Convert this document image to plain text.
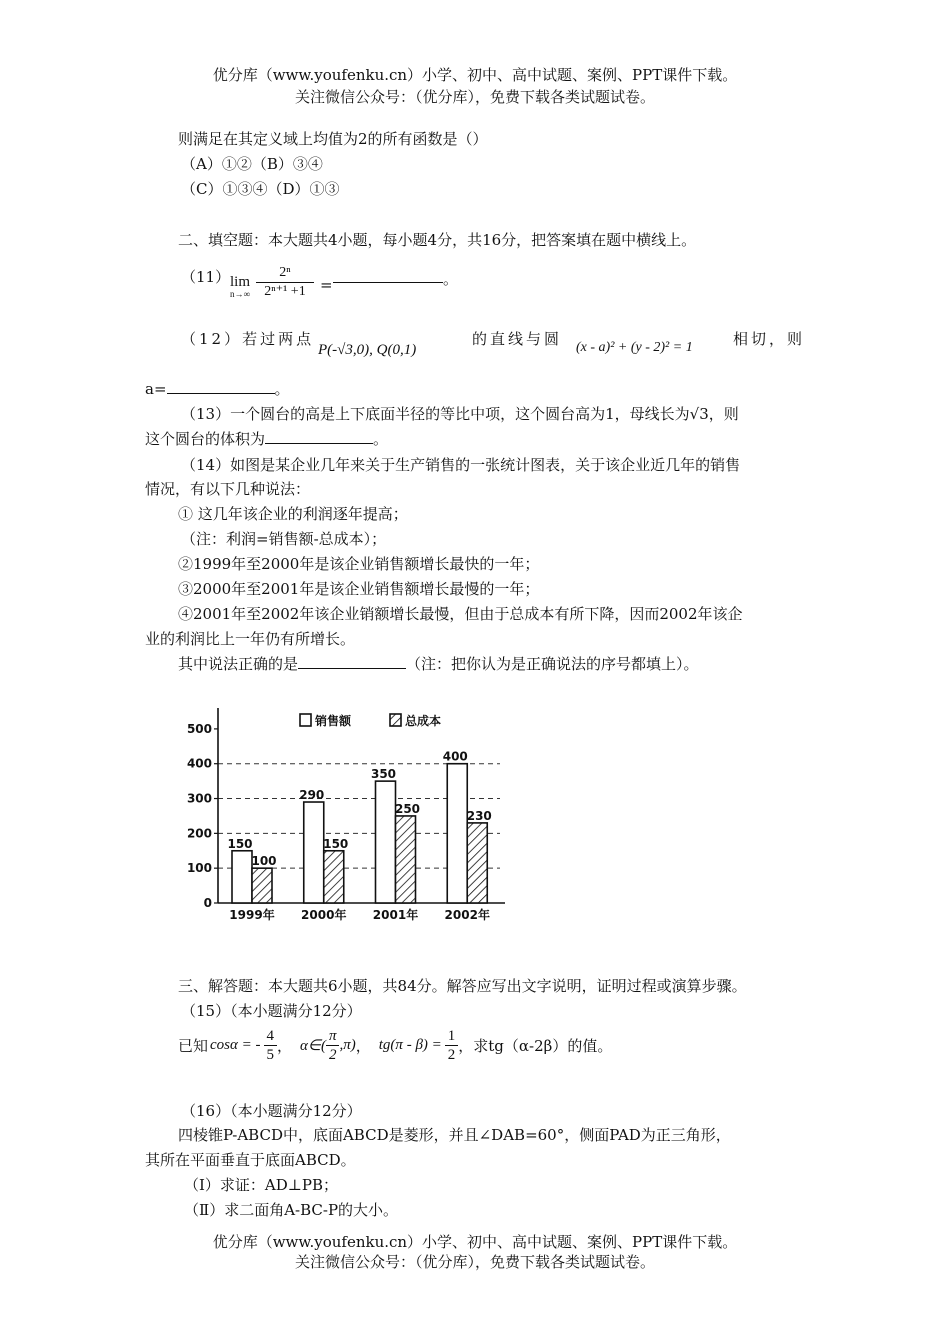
优分库（www.youfenku.cn）小学、初中、高中试题、案例、PPT课件下载。
关注微信公众号：（优分库），免费下载各类试题试卷。
则满足在其定义域上均值为2的所有函数是（）
（A）①②（B）③④
（C）①③④（D）①③
二、填空题：本大题共4小题，每小题4分，共16分，把答案填在题中横线上。
（11） lim
$n\to\infty \frac{\text{2ⁿ}}{\text{2ⁿ⁺¹ +1}}$ =	。
（12）若过两点
P(-√3,0), Q(0,1)
的直线与圆 (x - a)² + (y - 2)² = 1	相切，则
a=	。
（13）一个圆台的高是上下底面半径的等比中项，这个圆台高为1，母线长为√3，则
这个圆台的体积为	。
（14）如图是某企业几年来关于生产销售的一张统计图表，关于该企业近几年的销售
情况，有以下几种说法：
① 这几年该企业的利润逐年提高；
（注：利润=销售额-总成本）；
②1999年至2000年是该企业销售额增长最快的一年；
③2000年至2001年是该企业销售额增长最慢的一年；
④2001年至2002年该企业销额增长最慢，但由于总成本有所下降，因而2002年该企
业的利润比上一年仍有所增长。
其中说法正确的是	（注：把你认为是正确说法的序号都填上）。
0
100
200
300
400
500
150
100
1999年
290
150
2000年
350
250
2001年
400
230
2002年
销售额	总成本
三、解答题：本大题共6小题，共84分。解答应写出文字说明，证明过程或演算步骤。
（15）（本小题满分12分）
已知 cosα = - $\frac{4}{5}$ ， α∈( $\frac{\pi}{2} ,\pi$) ， $tg(\pi - \beta) = \frac{1}{2}$ ，求tg（α-2β）的值。
（16）（本小题满分12分）
四棱锥P-ABCD中，底面ABCD是菱形，并且∠DAB=60°，侧面PAD为正三角形，
其所在平面垂直于底面ABCD。
（I）求证：AD⊥PB；
（Ⅱ）求二面角A-BC-P的大小。
优分库（www.youfenku.cn）小学、初中、高中试题、案例、PPT课件下载。
关注微信公众号：（优分库），免费下载各类试题试卷。
